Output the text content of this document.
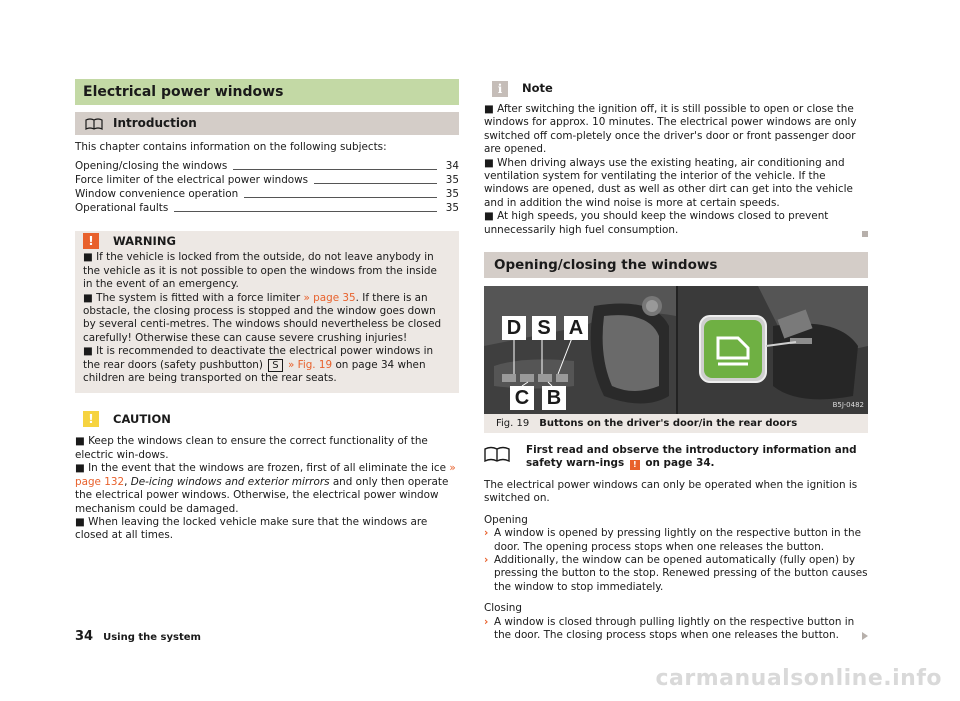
Electrical power windows
Introduction
This chapter contains information on the following subjects:
Opening/closing the windows	34
Force limiter of the electrical power windows	35
Window convenience operation	35
Operational faults	35
!	WARNING
■ If the vehicle is locked from the outside, do not leave anybody in the vehicle as it is not possible to open the windows from the inside in the event of an emergency.
■ The system is fitted with a force limiter » page 35. If there is an obstacle, the closing process is stopped and the window goes down by several centi-metres. The windows should nevertheless be closed carefully! Otherwise these can cause severe crushing injuries!
■ It is recommended to deactivate the electrical power windows in the rear doors (safety pushbutton) S » Fig. 19 on page 34 when children are being transported on the rear seats.
!	CAUTION
■ Keep the windows clean to ensure the correct functionality of the electric win-dows.
■ In the event that the windows are frozen, first of all eliminate the ice » page 132, De-icing windows and exterior mirrors and only then operate the electrical power windows. Otherwise, the electrical power window mechanism could be damaged.
■ When leaving the locked vehicle make sure that the windows are closed at all times.
i	Note
■ After switching the ignition off, it is still possible to open or close the windows for approx. 10 minutes. The electrical power windows are only switched off com-pletely once the driver's door or front passenger door are opened.
■ When driving always use the existing heating, air conditioning and ventilation system for ventilating the interior of the vehicle. If the windows are opened, dust as well as other dirt can get into the vehicle and in addition the wind noise is more at certain speeds.
■ At high speeds, you should keep the windows closed to prevent unnecessarily high fuel consumption.
Opening/closing the windows
D S A
C B	B5J-0482
Fig. 19 Buttons on the driver's door/in the rear doors
First read and observe the introductory information and safety warn-ings ! on page 34.
The electrical power windows can only be operated when the ignition is switched on.
Opening
› A window is opened by pressing lightly on the respective button in the door. The opening process stops when one releases the button.
› Additionally, the window can be opened automatically (fully open) by pressing the button to the stop. Renewed pressing of the button causes the window to stop immediately.
Closing
› A window is closed through pulling lightly on the respective button in the door. The closing process stops when one releases the button.
34 Using the system
carmanualsonline.info
